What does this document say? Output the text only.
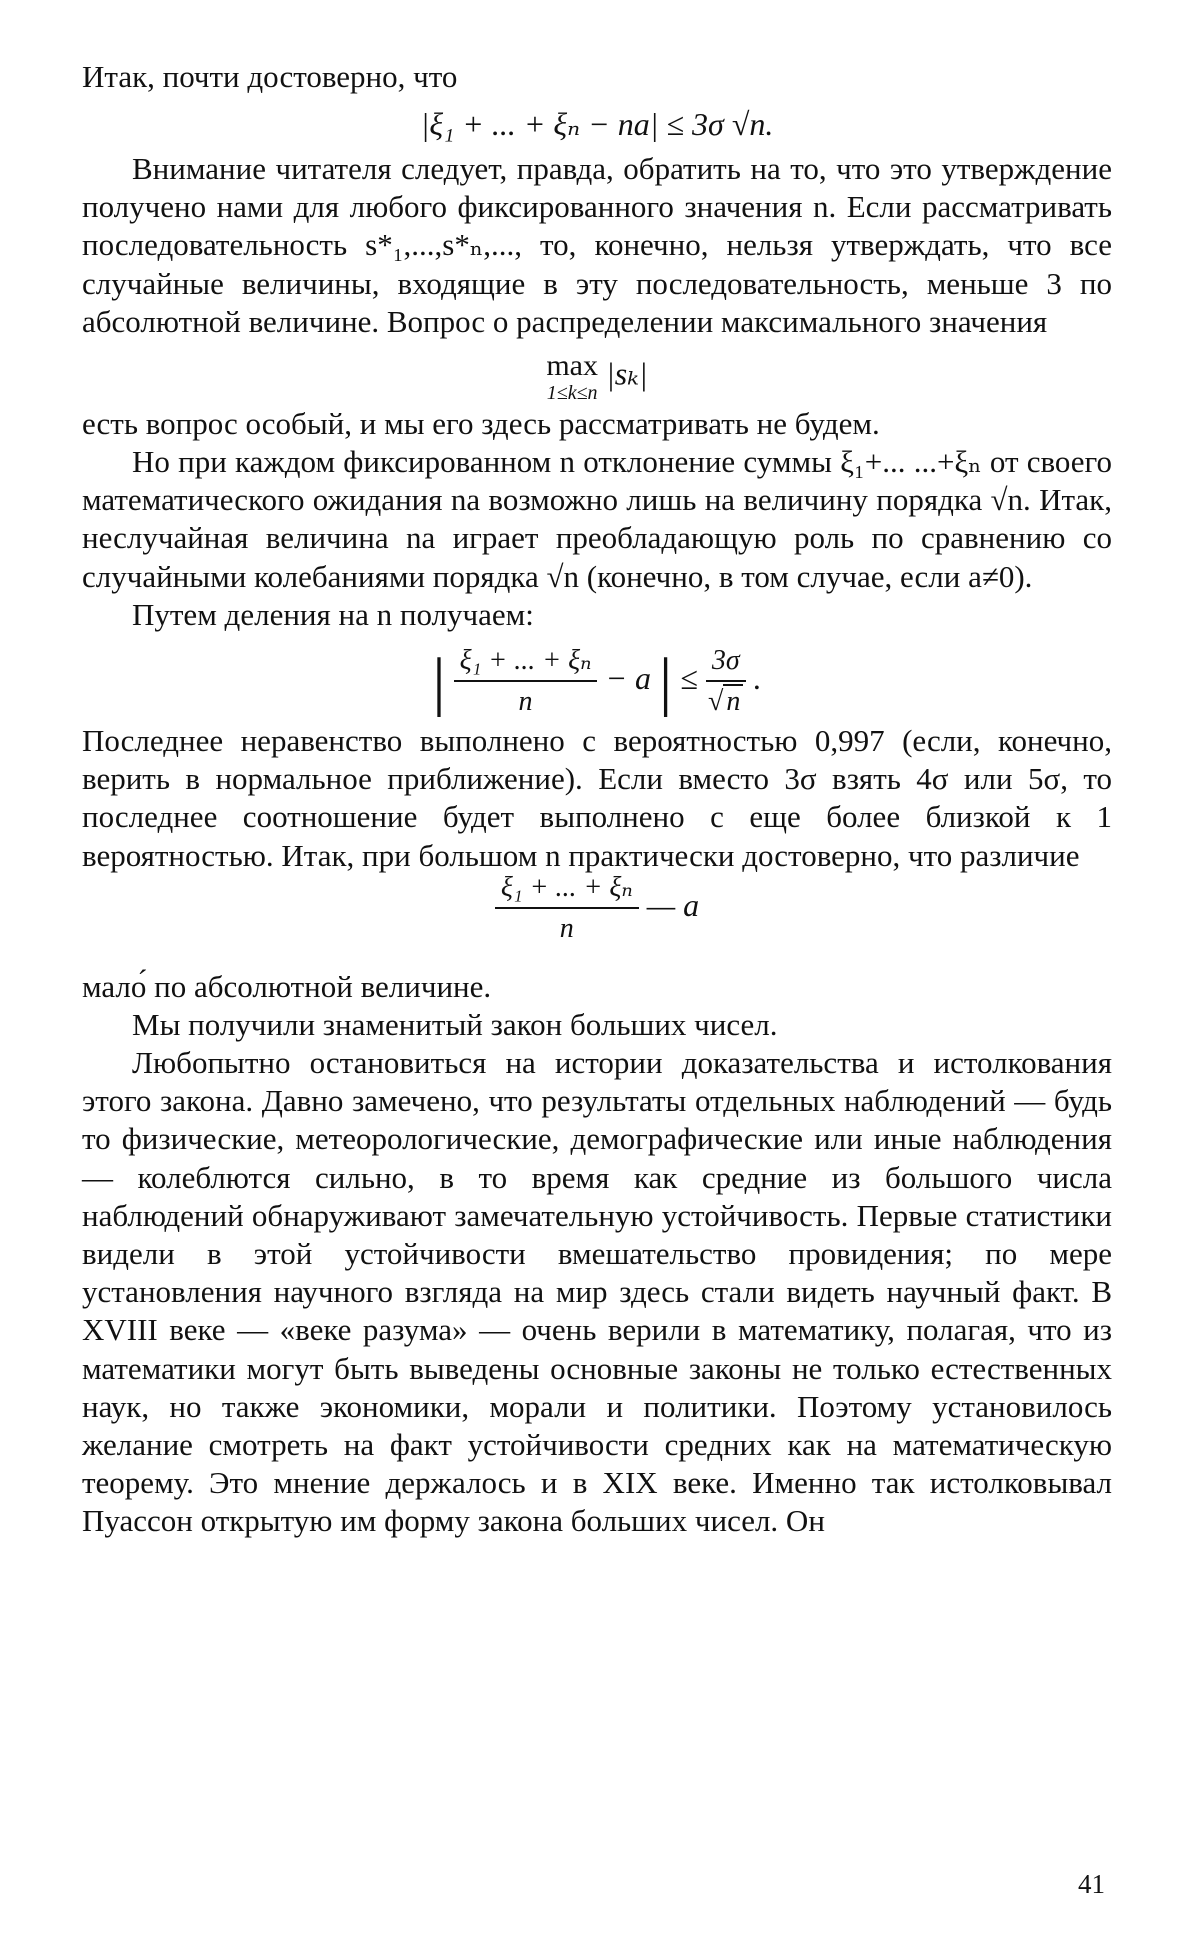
Итак, почти достоверно, что

|ξ₁ + ... + ξₙ − na| ≤ 3σ √n.

Внимание читателя следует, правда, обратить на то, что это утверждение получено нами для любого фиксированного значения n. Если рассматривать последовательность s*₁,...,s*ₙ,..., то, конечно, нельзя утверждать, что все случайные величины, входящие в эту последовательность, меньше 3 по абсолютной величине. Вопрос о распределении максимального значения

max
1≤k≤n
|sₖ|

есть вопрос особый, и мы его здесь рассматривать не будем.

Но при каждом фиксированном n отклонение суммы ξ₁+... ...+ξₙ от своего математического ожидания na возможно лишь на величину порядка √n. Итак, неслучайная величина na играет преобладающую роль по сравнению со случайными колебаниями порядка √n (конечно, в том случае, если a≠0).

Путем деления на n получаем:

| $\frac{\text{ξ₁ + ... + ξₙ}}{n} - a$ | ≤ $\frac{3\sigma}{√ n}$ .

Последнее неравенство выполнено с вероятностью 0,997 (если, конечно, верить в нормальное приближение). Если вместо 3σ взять 4σ или 5σ, то последнее соотношение будет выполнено с еще более близкой к 1 вероятностью. Итак, при большом n практически достоверно, что различие

$\frac{\text{ξ₁ + ... + ξₙ}}{n}$ — a

мало́ по абсолютной величине.

Мы получили знаменитый закон больших чисел.

Любопытно остановиться на истории доказательства и истолкования этого закона. Давно замечено, что результаты отдельных наблюдений — будь то физические, метеорологические, демографические или иные наблюдения — колеблются сильно, в то время как средние из большого числа наблюдений обнаруживают замечательную устойчивость. Первые статистики видели в этой устойчивости вмешательство провидения; по мере установления научного взгляда на мир здесь стали видеть научный факт. В XVIII веке — «веке разума» — очень верили в математику, полагая, что из математики могут быть выведены основные законы не только естественных наук, но также экономики, морали и политики. Поэтому установилось желание смотреть на факт устойчивости средних как на математическую теорему. Это мнение держалось и в XIX веке. Именно так истолковывал Пуассон открытую им форму закона больших чисел. Он

41
